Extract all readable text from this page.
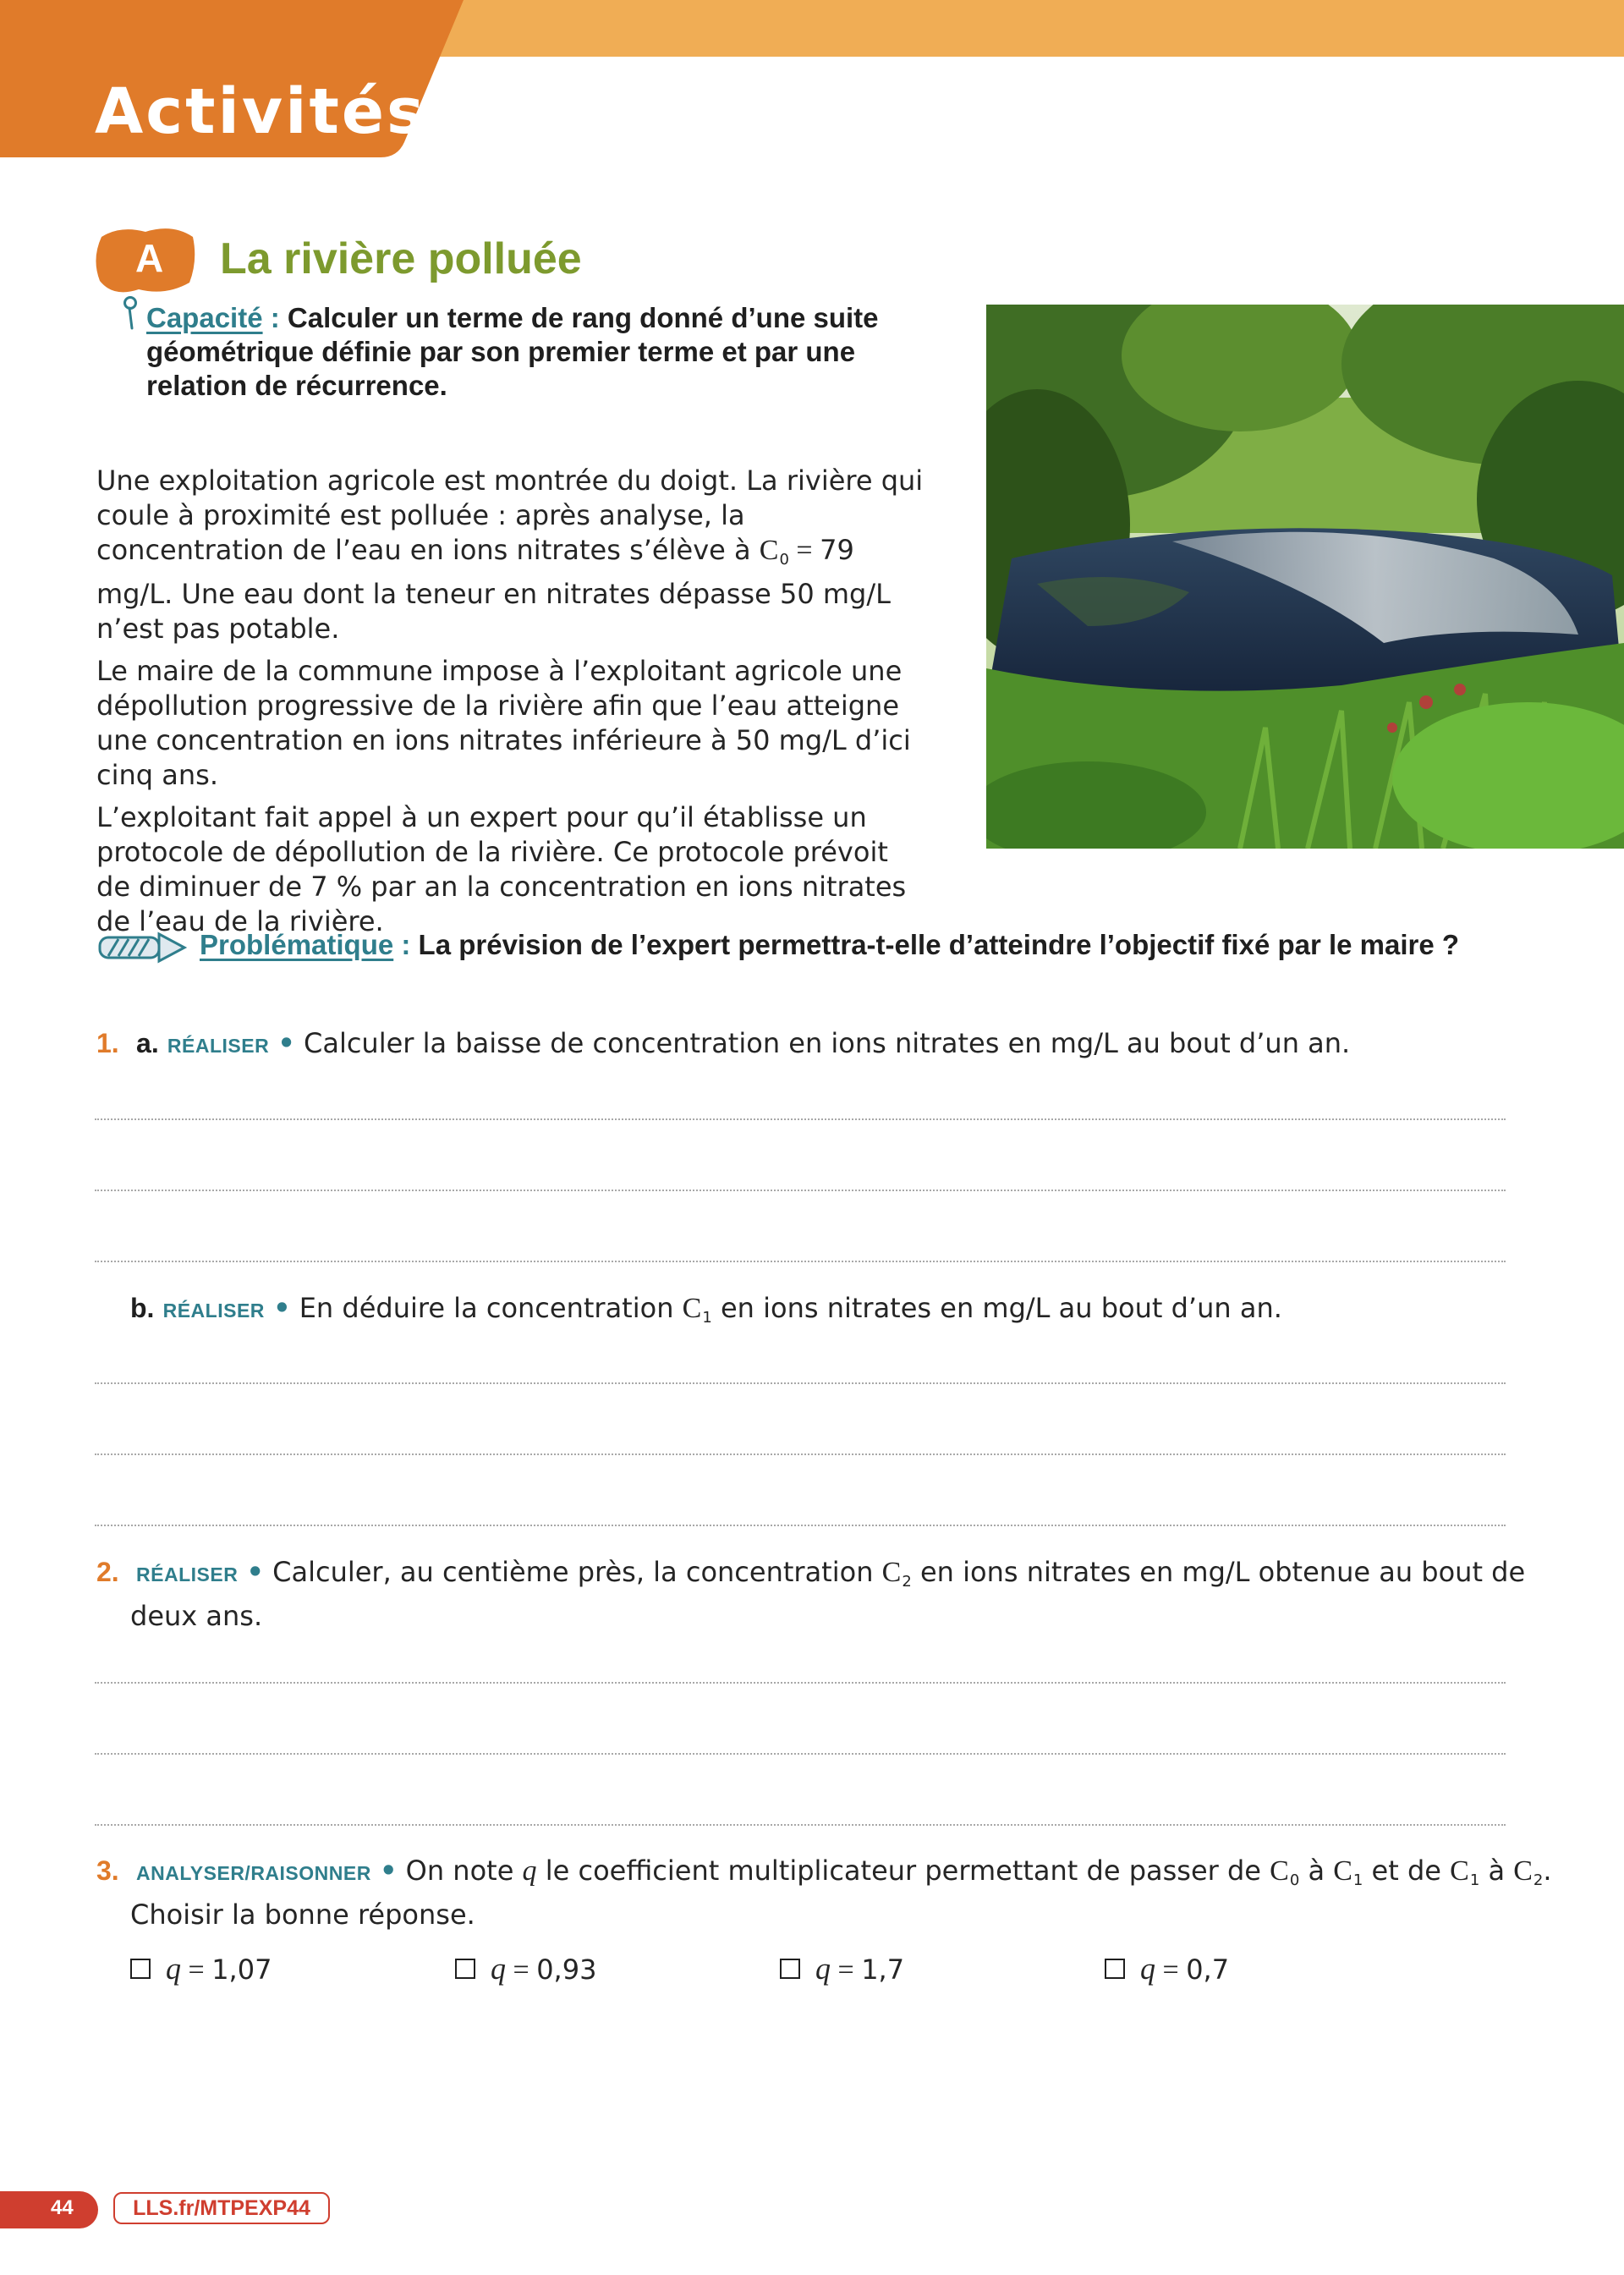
Activités
A La rivière polluée

Capacité : Calculer un terme de rang donné d’une suite géométrique définie par son premier terme et par une relation de récurrence.

Une exploitation agricole est montrée du doigt. La rivière qui coule à proximité est polluée : après analyse, la concentration de l’eau en ions nitrates s’élève à $C_0 = 79$ mg/L. Une eau dont la teneur en nitrates dépasse 50 mg/L n’est pas potable.

Le maire de la commune impose à l’exploitant agricole une dépollution progressive de la rivière afin que l’eau atteigne une concentration en ions nitrates inférieure à 50 mg/L d’ici cinq ans.

L’exploitant fait appel à un expert pour qu’il établisse un protocole de dépollution de la rivière. Ce protocole prévoit de diminuer de 7 % par an la concentration en ions nitrates de l’eau de la rivière.

Problématique : La prévision de l’expert permettra-t-elle d’atteindre l’objectif fixé par le maire ?

1. a. RÉALISER • Calculer la baisse de concentration en ions nitrates en mg/L au bout d’un an.
b. RÉALISER • En déduire la concentration $C_1$ en ions nitrates en mg/L au bout d’un an.
2. RÉALISER • Calculer, au centième près, la concentration $C_2$ en ions nitrates en mg/L obtenue au bout de deux ans.
3. ANALYSER/RAISONNER • On note q le coefficient multiplicateur permettant de passer de $C_0$ à $C_1$ et de $C_1$ à $C_2$.
Choisir la bonne réponse.
q = 1,07	q = 0,93	q = 1,7	q = 0,7
44	LLS.fr/MTPEXP44
